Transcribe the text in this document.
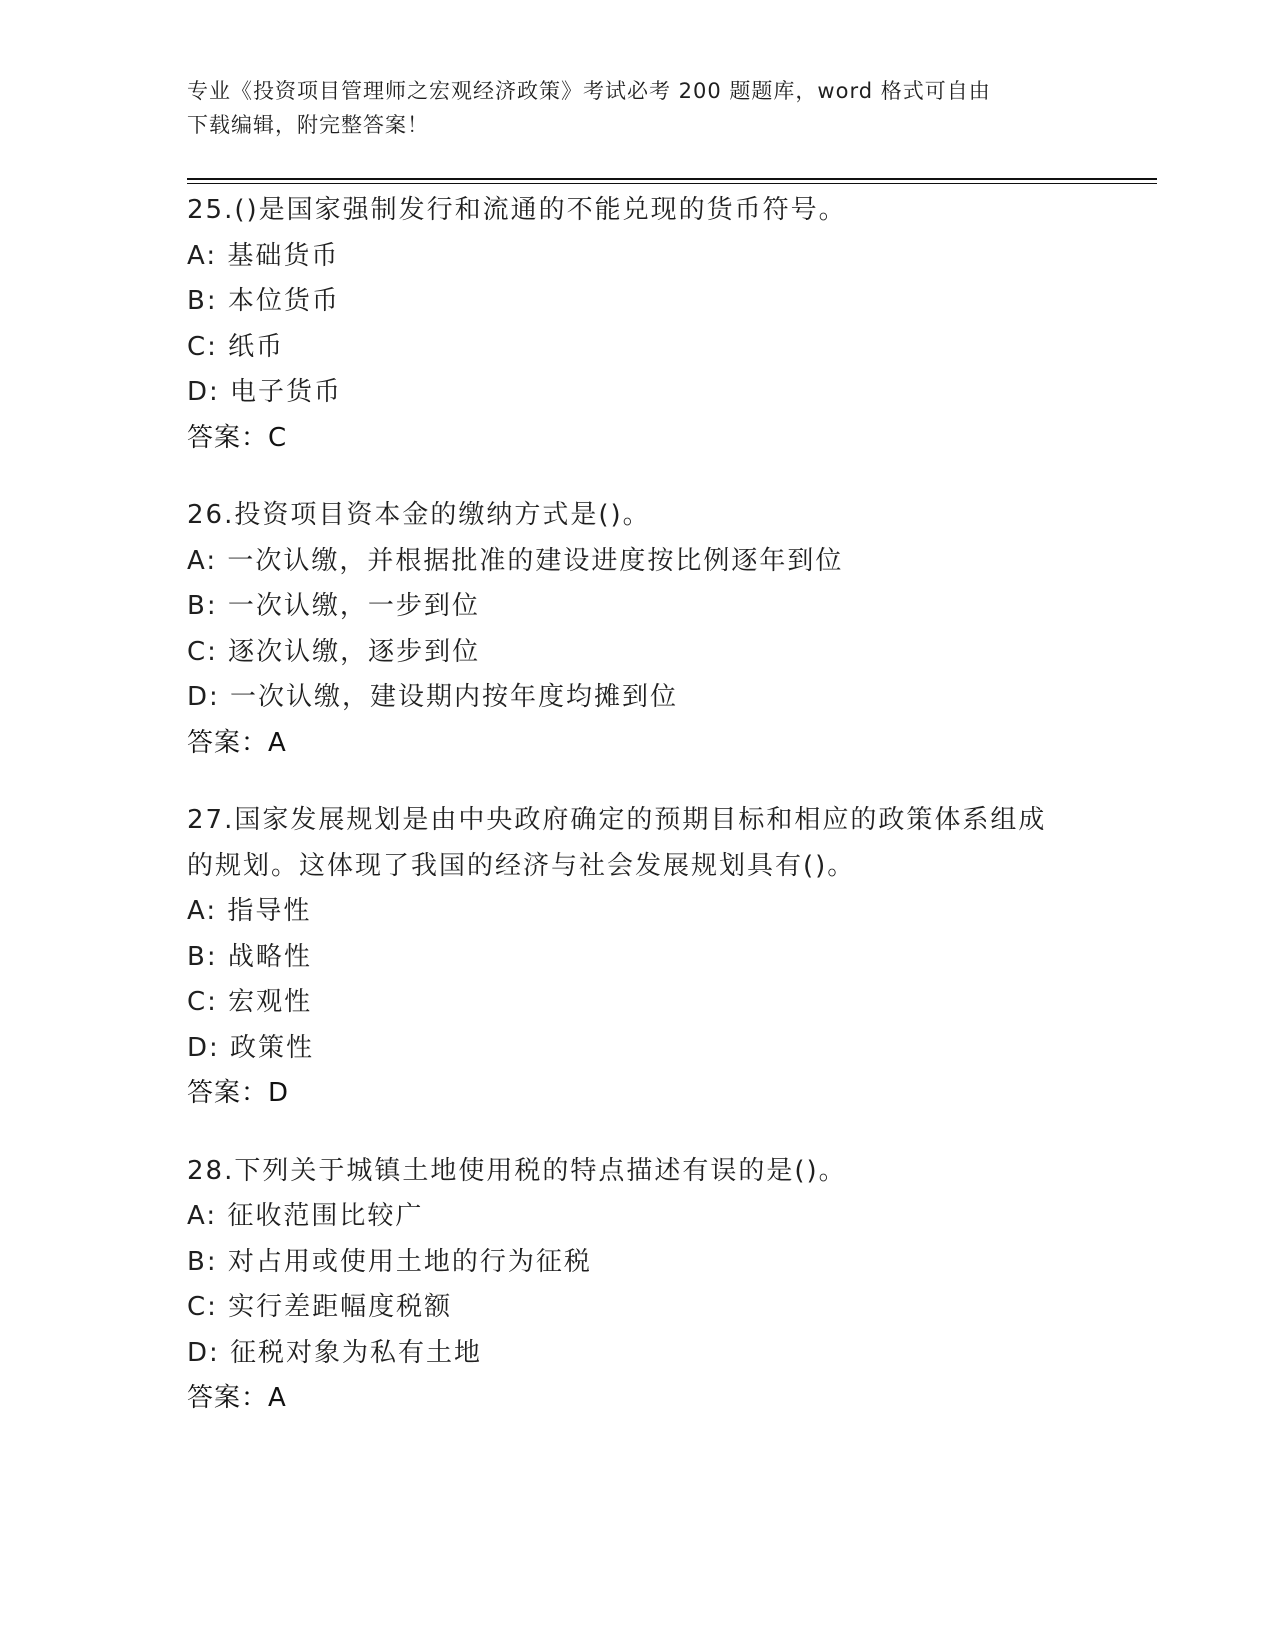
专业《投资项目管理师之宏观经济政策》考试必考 200 题题库，word 格式可自由
下载编辑，附完整答案！
25.()是国家强制发行和流通的不能兑现的货币符号。
A: 基础货币
B: 本位货币
C: 纸币
D: 电子货币
答案：C
26.投资项目资本金的缴纳方式是()。
A: 一次认缴，并根据批准的建设进度按比例逐年到位
B: 一次认缴，一步到位
C: 逐次认缴，逐步到位
D: 一次认缴，建设期内按年度均摊到位
答案：A
27.国家发展规划是由中央政府确定的预期目标和相应的政策体系组成
的规划。这体现了我国的经济与社会发展规划具有()。
A: 指导性
B: 战略性
C: 宏观性
D: 政策性
答案：D
28.下列关于城镇土地使用税的特点描述有误的是()。
A: 征收范围比较广
B: 对占用或使用土地的行为征税
C: 实行差距幅度税额
D: 征税对象为私有土地
答案：A
